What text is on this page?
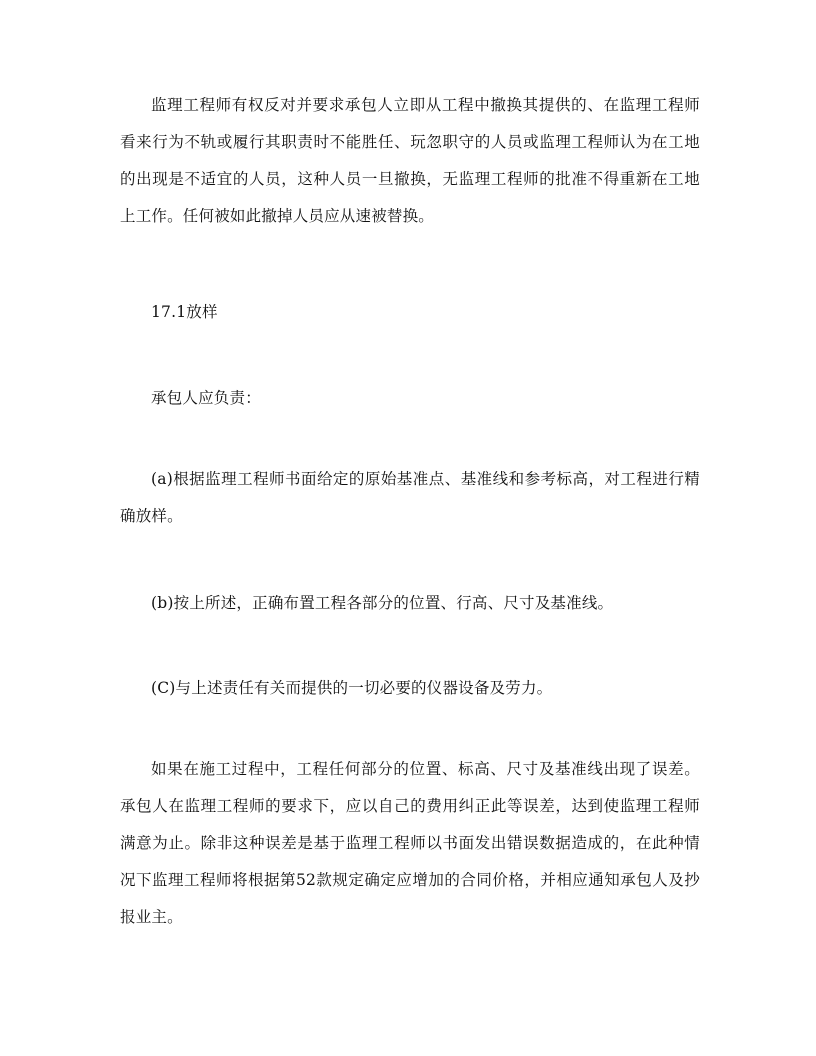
监理工程师有权反对并要求承包人立即从工程中撤换其提供的、在监理工程师看来行为不轨或履行其职责时不能胜任、玩忽职守的人员或监理工程师认为在工地的出现是不适宜的人员，这种人员一旦撤换，无监理工程师的批准不得重新在工地上工作。任何被如此撤掉人员应从速被替换。

17.1放样

承包人应负责：

(a)根据监理工程师书面给定的原始基准点、基准线和参考标高，对工程进行精确放样。

(b)按上所述，正确布置工程各部分的位置、行高、尺寸及基准线。

(C)与上述责任有关而提供的一切必要的仪器设备及劳力。

如果在施工过程中，工程任何部分的位置、标高、尺寸及基准线出现了误差。承包人在监理工程师的要求下，应以自己的费用纠正此等误差，达到使监理工程师满意为止。除非这种误差是基于监理工程师以书面发出错误数据造成的，在此种情况下监理工程师将根据第52款规定确定应增加的合同价格，并相应通知承包人及抄报业主。
